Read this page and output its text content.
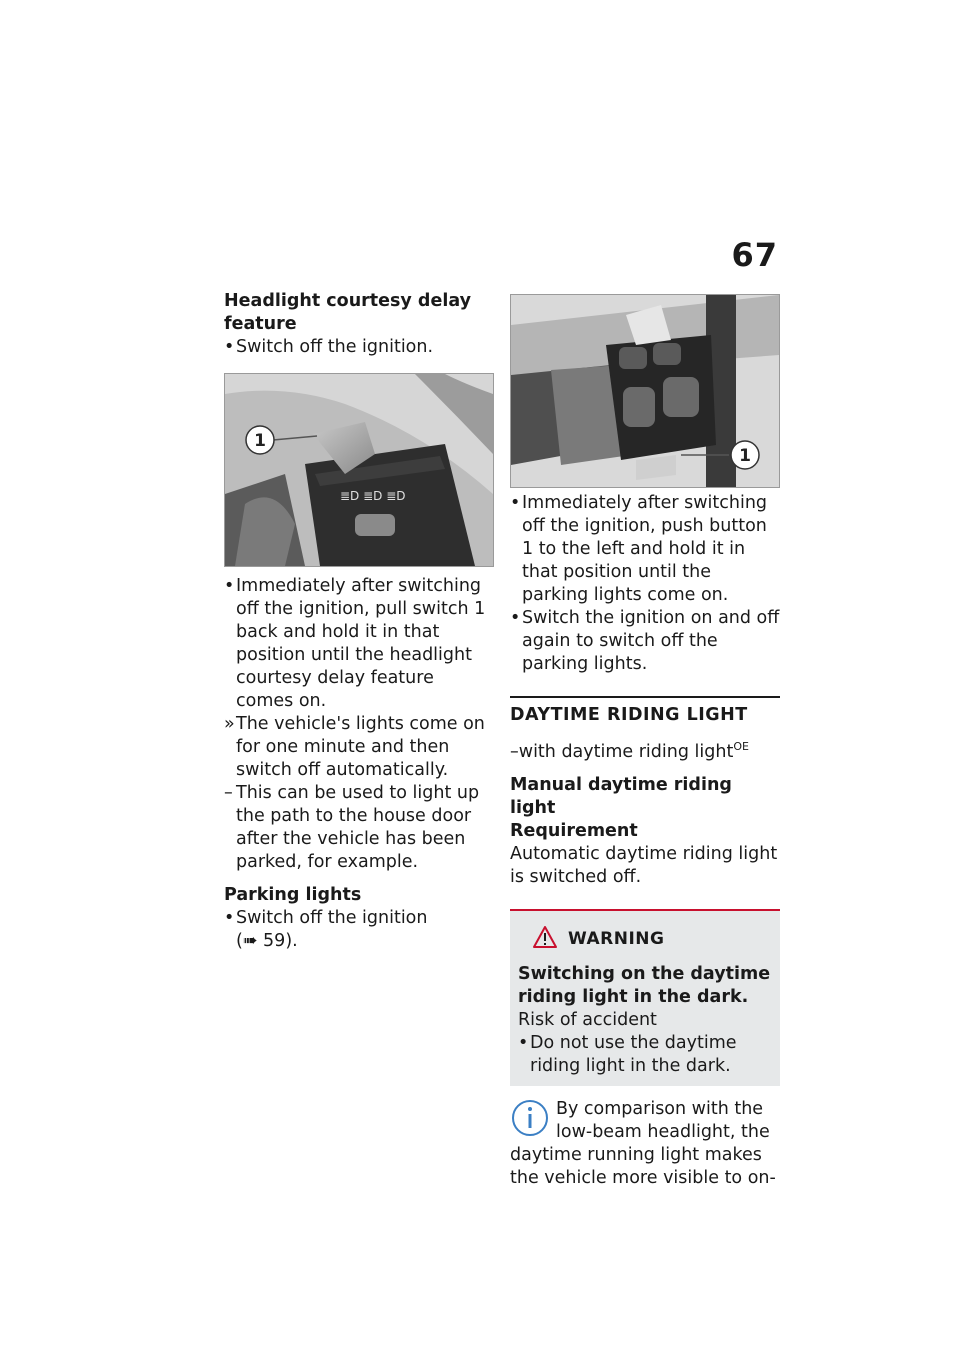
67
Headlight courtesy delay feature
• Switch off the ignition.
≣D ≣D ≣D
1
• Immediately after switching off the ignition, pull switch 1 back and hold it in that position until the headlight courtesy delay feature comes on.
» The vehicle's lights come on for one minute and then switch off automatically.
– This can be used to light up the path to the house door after the vehicle has been parked, for example.
Parking lights
• Switch off the ignition
(➠ 59).
1
• Immediately after switching off the ignition, push button 1 to the left and hold it in that position until the parking lights come on.
• Switch the ignition on and off again to switch off the parking lights.
DAYTIME RIDING LIGHT
–with daytime riding light$^{OE}$
Manual daytime riding light
Requirement
Automatic daytime riding light is switched off.
WARNING
Switching on the daytime riding light in the dark.
Risk of accident
• Do not use the daytime riding light in the dark.
By comparison with the low-beam headlight, the daytime running light makes the vehicle more visible to on-
